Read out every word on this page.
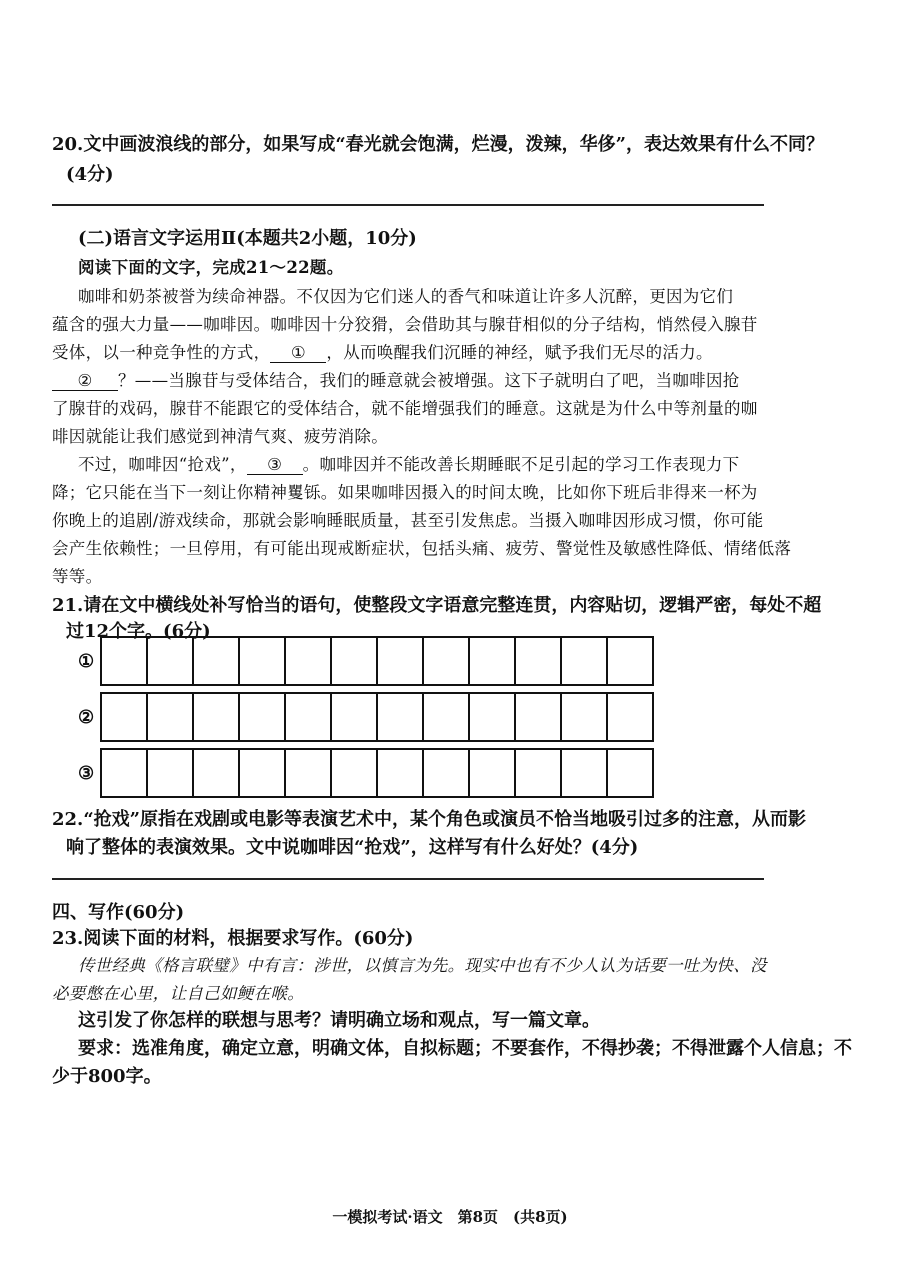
20.文中画波浪线的部分，如果写成“春光就会饱满，烂漫，泼辣，华侈”，表达效果有什么不同？
(4分)
(二)语言文字运用Ⅱ(本题共2小题，10分)
阅读下面的文字，完成21～22题。
咖啡和奶茶被誉为续命神器。不仅因为它们迷人的香气和味道让许多人沉醉，更因为它们
蕴含的强大力量——咖啡因。咖啡因十分狡猾，会借助其与腺苷相似的分子结构，悄然侵入腺苷
受体，以一种竞争性的方式， ① ，从而唤醒我们沉睡的神经，赋予我们无尽的活力。
② ？——当腺苷与受体结合，我们的睡意就会被增强。这下子就明白了吧，当咖啡因抢
了腺苷的戏码，腺苷不能跟它的受体结合，就不能增强我们的睡意。这就是为什么中等剂量的咖
啡因就能让我们感觉到神清气爽、疲劳消除。
不过，咖啡因“抢戏”， ③ 。咖啡因并不能改善长期睡眠不足引起的学习工作表现力下
降；它只能在当下一刻让你精神矍铄。如果咖啡因摄入的时间太晚，比如你下班后非得来一杯为
你晚上的追剧/游戏续命，那就会影响睡眠质量，甚至引发焦虑。当摄入咖啡因形成习惯，你可能
会产生依赖性；一旦停用，有可能出现戒断症状，包括头痛、疲劳、警觉性及敏感性降低、情绪低落
等等。
21.请在文中横线处补写恰当的语句，使整段文字语意完整连贯，内容贴切，逻辑严密，每处不超
过12个字。(6分)
①
②
③
22.“抢戏”原指在戏剧或电影等表演艺术中，某个角色或演员不恰当地吸引过多的注意，从而影
响了整体的表演效果。文中说咖啡因“抢戏”，这样写有什么好处？(4分)
四、写作(60分)
23.阅读下面的材料，根据要求写作。(60分)
传世经典《格言联璧》中有言：涉世，以慎言为先。现实中也有不少人认为话要一吐为快、没
必要憋在心里，让自己如鲠在喉。
这引发了你怎样的联想与思考？请明确立场和观点，写一篇文章。
要求：选准角度，确定立意，明确文体，自拟标题；不要套作，不得抄袭；不得泄露个人信息；不
少于800字。
一模拟考试·语文　第8页　(共8页)
